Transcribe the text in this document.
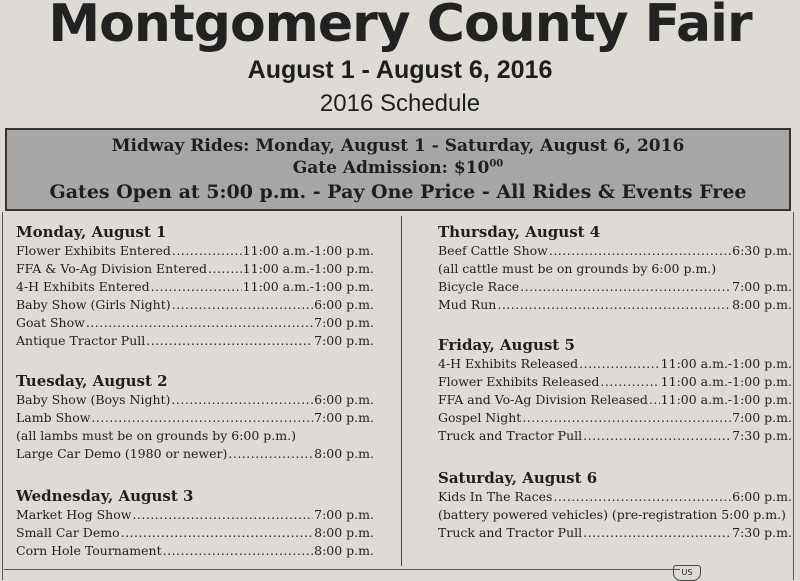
Montgomery County Fair
August 1 - August 6, 2016
2016 Schedule
Midway Rides: Monday, August 1 - Saturday, August 6, 2016
Gate Admission: $\$10^{00}$
Gates Open at 5:00 p.m. - Pay One Price - All Rides & Events Free
US
Monday, August 1
Flower Exhibits Entered .....	11:00 a.m.-1:00 p.m.
FFA & Vo-Ag Division Entered .....	11:00 a.m.-1:00 p.m.
4-H Exhibits Entered .....	11:00 a.m.-1:00 p.m.
Baby Show (Girls Night) .....	6:00 p.m.
Goat Show .....	7:00 p.m.
Antique Tractor Pull .....	7:00 p.m.
Tuesday, August 2
Baby Show (Boys Night) .....	6:00 p.m.
Lamb Show .....	7:00 p.m.
(all lambs must be on grounds by 6:00 p.m.)
Large Car Demo (1980 or newer) .....	8:00 p.m.
Wednesday, August 3
Market Hog Show .....	7:00 p.m.
Small Car Demo .....	8:00 p.m.
Corn Hole Tournament .....	8:00 p.m.
Thursday, August 4
Beef Cattle Show .....	6:30 p.m.
(all cattle must be on grounds by 6:00 p.m.)
Bicycle Race .....	7:00 p.m.
Mud Run .....	8:00 p.m.
Friday, August 5
4-H Exhibits Released .....	11:00 a.m.-1:00 p.m.
Flower Exhibits Released .....	11:00 a.m.-1:00 p.m.
FFA and Vo-Ag Division Released ..... 11:00 a.m.-1:00 p.m.
Gospel Night .....	7:00 p.m.
Truck and Tractor Pull .....	7:30 p.m.
Saturday, August 6
Kids In The Races .....	6:00 p.m.
(battery powered vehicles) (pre-registration 5:00 p.m.)
Truck and Tractor Pull .....	7:30 p.m.
